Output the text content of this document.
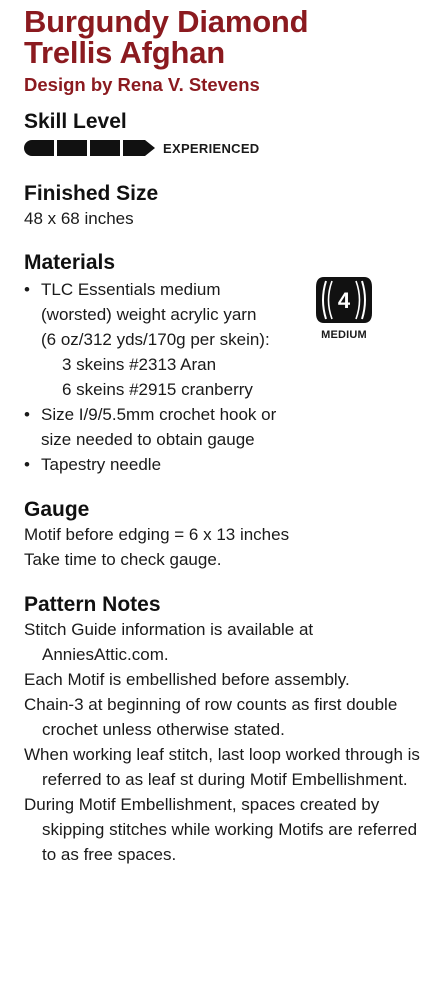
Burgundy Diamond
Trellis Afghan
Design by Rena V. Stevens
Skill Level
EXPERIENCED
Finished Size
48 x 68 inches
Materials
4
MEDIUM
• TLC Essentials medium
(worsted) weight acrylic yarn
(6 oz/312 yds/170g per skein):
3 skeins #2313 Aran
6 skeins #2915 cranberry
• Size I/9/5.5mm crochet hook or
size needed to obtain gauge
• Tapestry needle
Gauge
Motif before edging = 6 x 13 inches
Take time to check gauge.
Pattern Notes

Stitch Guide information is available at AnniesAttic.com.

Each Motif is embellished before assembly.

Chain-3 at beginning of row counts as first double crochet unless otherwise stated.

When working leaf stitch, last loop worked through is referred to as leaf st during Motif Embellishment.

During Motif Embellishment, spaces created by skipping stitches while working Motifs are referred to as free spaces.
